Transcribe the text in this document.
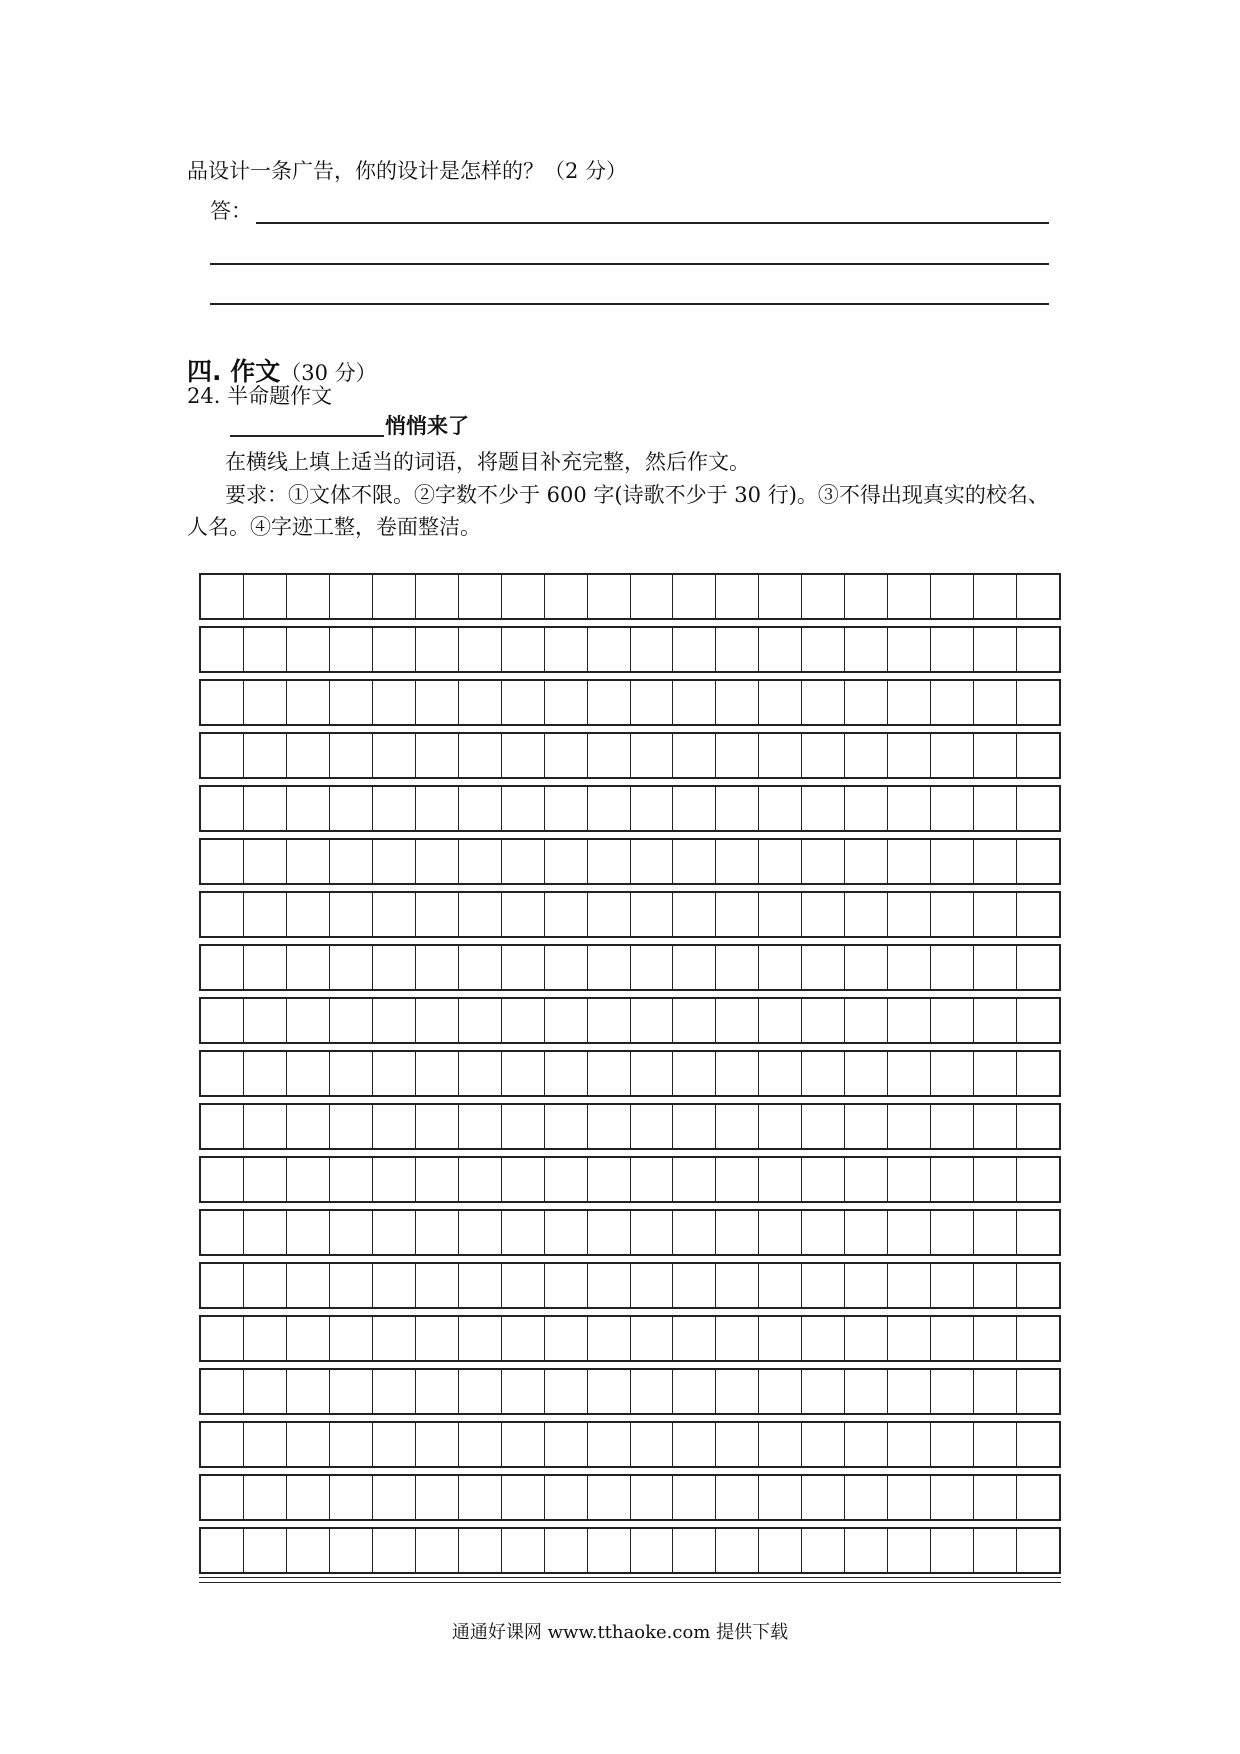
品设计一条广告，你的设计是怎样的？（2 分）
答：
四. 作文（30 分）
24. 半命题作文
悄悄来了
在横线上填上适当的词语，将题目补充完整，然后作文。
要求：①文体不限。②字数不少于 600 字(诗歌不少于 30 行)。③不得出现真实的校名、
人名。④字迹工整，卷面整洁。
通通好课网 www.tthaoke.com 提供下载
